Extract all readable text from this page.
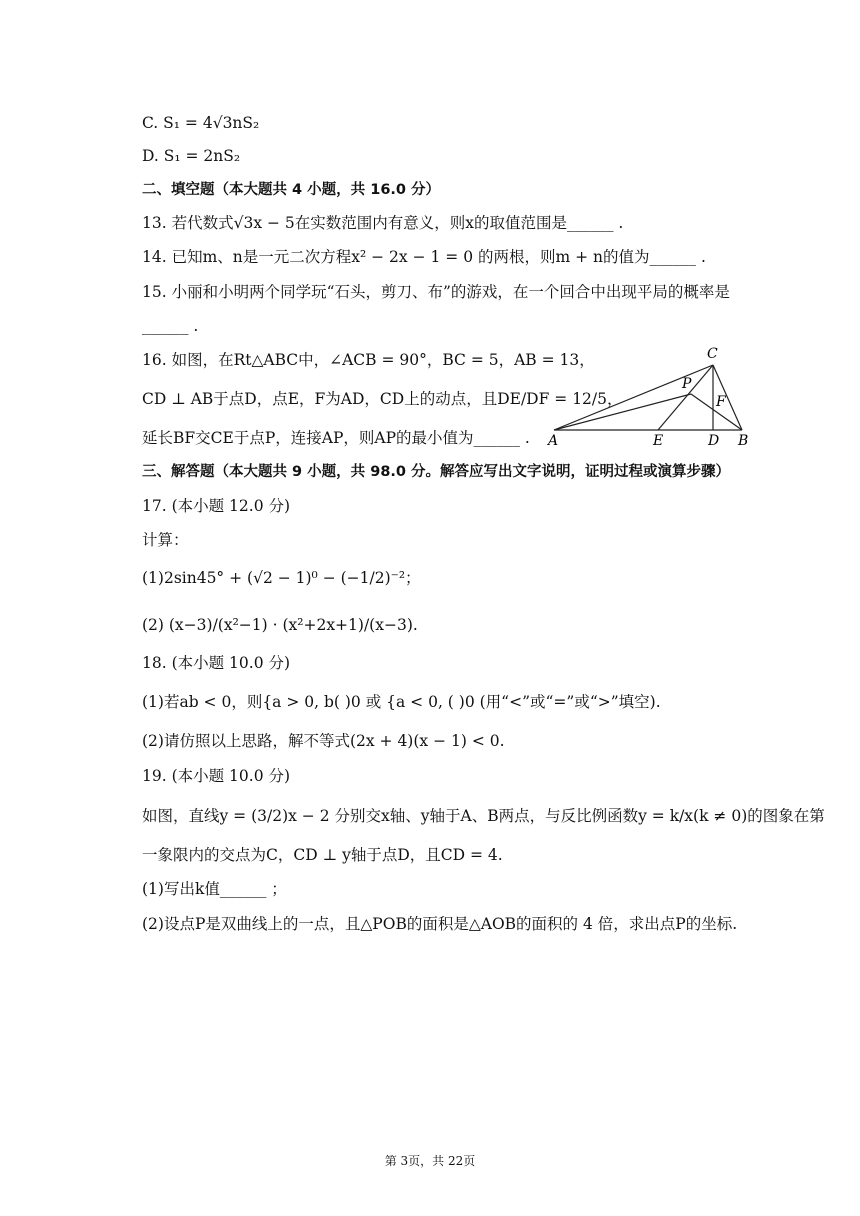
C. S₁ = 4√3nS₂
D. S₁ = 2nS₂
二、填空题（本大题共 4 小题，共 16.0 分）
13. 若代数式√3x − 5在实数范围内有意义，则x的取值范围是______ .
14. 已知m、n是一元二次方程x² − 2x − 1 = 0 的两根，则m + n的值为______ .
15. 小丽和小明两个同学玩“石头，剪刀、布”的游戏，在一个回合中出现平局的概率是
______ .
16. 如图，在Rt△ABC中，∠ACB = 90°，BC = 5，AB = 13，
CD ⊥ AB于点D，点E，F为AD，CD上的动点，且DE/DF = 12/5，
延长BF交CE于点P，连接AP，则AP的最小值为______ .
C
P
F
A	E	D B
三、解答题（本大题共 9 小题，共 98.0 分。解答应写出文字说明，证明过程或演算步骤）
17. (本小题 12.0 分)
计算：
(1)2sin45° + (√2 − 1)⁰ − (−1/2)⁻²；
(2) (x−3)/(x²−1) · (x²+2x+1)/(x−3).
18. (本小题 10.0 分)
(1)若ab < 0，则{a > 0, b( )0 或 {a < 0, ( )0 (用“<”或“=”或“>”填空).
(2)请仿照以上思路，解不等式(2x + 4)(x − 1) < 0.
19. (本小题 10.0 分)
如图，直线y = (3/2)x − 2 分别交x轴、y轴于A、B两点，与反比例函数y = k/x(k ≠ 0)的图象在第
一象限内的交点为C，CD ⊥ y轴于点D，且CD = 4.
(1)写出k值______ ；
(2)设点P是双曲线上的一点，且△POB的面积是△AOB的面积的 4 倍，求出点P的坐标.
第 3页，共 22页
